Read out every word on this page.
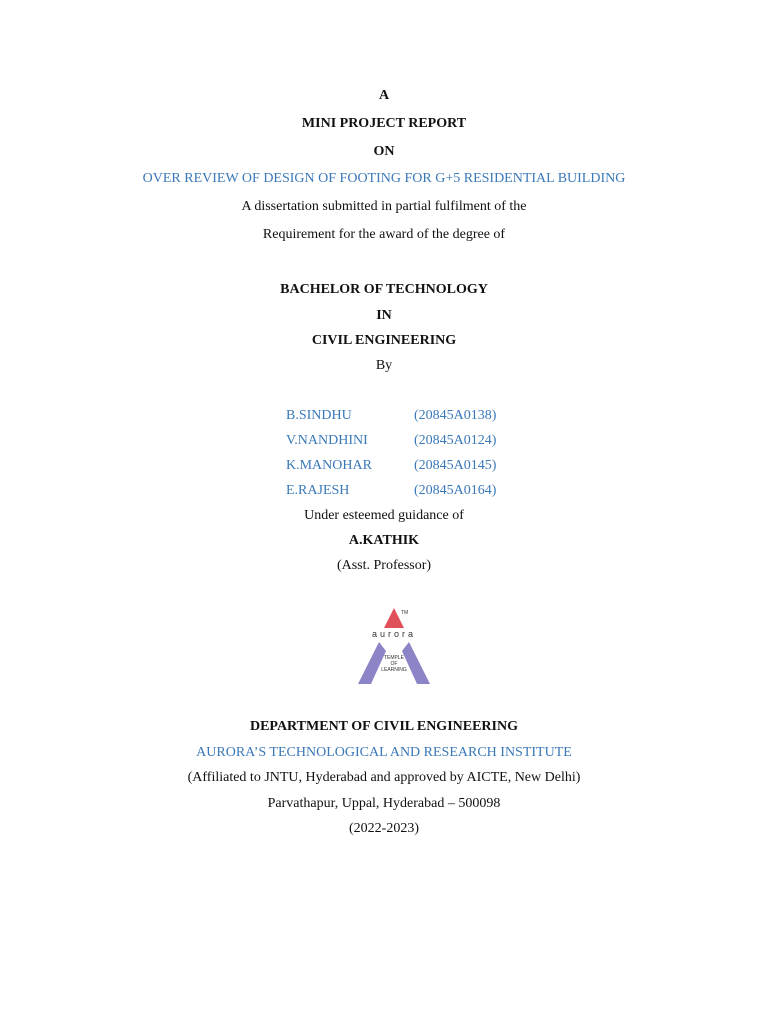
A
MINI PROJECT REPORT
ON
OVER REVIEW OF DESIGN OF FOOTING FOR G+5 RESIDENTIAL BUILDING
A dissertation submitted in partial fulfilment of the
Requirement for the award of the degree of
BACHELOR OF TECHNOLOGY
IN
CIVIL ENGINEERING
By
B.SINDHU	(20845A0138)
V.NANDHINI	(20845A0124)
K.MANOHAR	(20845A0145)
E.RAJESH	(20845A0164)
Under esteemed guidance of
A.KATHIK
(Asst. Professor)
TM
aurora
TEMPLE
OF
LEARNING
DEPARTMENT OF CIVIL ENGINEERING
AURORA’S TECHNOLOGICAL AND RESEARCH INSTITUTE
(Affiliated to JNTU, Hyderabad and approved by AICTE, New Delhi)
Parvathapur, Uppal, Hyderabad – 500098
(2022-2023)
